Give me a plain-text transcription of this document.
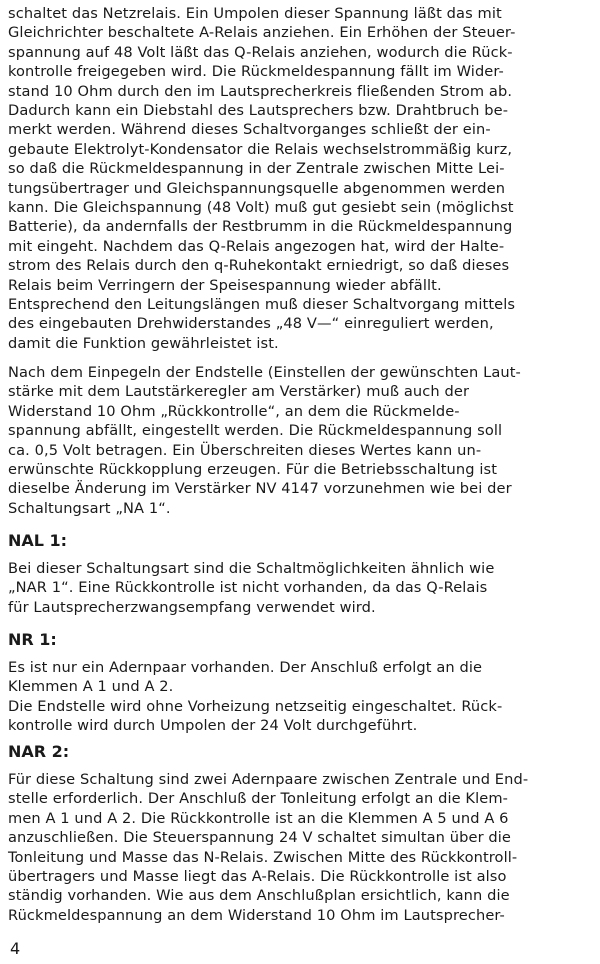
schaltet das Netzrelais. Ein Umpolen dieser Spannung läßt das mit
Gleichrichter beschaltete A-Relais anziehen. Ein Erhöhen der Steuer-
spannung auf 48 Volt läßt das Q-Relais anziehen, wodurch die Rück-
kontrolle freigegeben wird. Die Rückmeldespannung fällt im Wider-
stand 10 Ohm durch den im Lautsprecherkreis fließenden Strom ab.
Dadurch kann ein Diebstahl des Lautsprechers bzw. Drahtbruch be-
merkt werden. Während dieses Schaltvorganges schließt der ein-
gebaute Elektrolyt-Kondensator die Relais wechselstrommäßig kurz,
so daß die Rückmeldespannung in der Zentrale zwischen Mitte Lei-
tungsübertrager und Gleichspannungsquelle abgenommen werden
kann. Die Gleichspannung (48 Volt) muß gut gesiebt sein (möglichst
Batterie), da andernfalls der Restbrumm in die Rückmeldespannung
mit eingeht. Nachdem das Q-Relais angezogen hat, wird der Halte-
strom des Relais durch den q-Ruhekontakt erniedrigt, so daß dieses
Relais beim Verringern der Speisespannung wieder abfällt.

Entsprechend den Leitungslängen muß dieser Schaltvorgang mittels
des eingebauten Drehwiderstandes „48 V—“ einreguliert werden,
damit die Funktion gewährleistet ist.

Nach dem Einpegeln der Endstelle (Einstellen der gewünschten Laut-
stärke mit dem Lautstärkeregler am Verstärker) muß auch der
Widerstand 10 Ohm „Rückkontrolle“, an dem die Rückmelde-
spannung abfällt, eingestellt werden. Die Rückmeldespannung soll
ca. 0,5 Volt betragen. Ein Überschreiten dieses Wertes kann un-
erwünschte Rückkopplung erzeugen. Für die Betriebsschaltung ist
dieselbe Änderung im Verstärker NV 4147 vorzunehmen wie bei der
Schaltungsart „NA 1“.

NAL 1:

Bei dieser Schaltungsart sind die Schaltmöglichkeiten ähnlich wie
„NAR 1“. Eine Rückkontrolle ist nicht vorhanden, da das Q-Relais
für Lautsprecherzwangsempfang verwendet wird.

NR 1:

Es ist nur ein Adernpaar vorhanden. Der Anschluß erfolgt an die
Klemmen A 1 und A 2.

Die Endstelle wird ohne Vorheizung netzseitig eingeschaltet. Rück-
kontrolle wird durch Umpolen der 24 Volt durchgeführt.

NAR 2:

Für diese Schaltung sind zwei Adernpaare zwischen Zentrale und End-
stelle erforderlich. Der Anschluß der Tonleitung erfolgt an die Klem-
men A 1 und A 2. Die Rückkontrolle ist an die Klemmen A 5 und A 6
anzuschließen. Die Steuerspannung 24 V schaltet simultan über die
Tonleitung und Masse das N-Relais. Zwischen Mitte des Rückkontroll-
übertragers und Masse liegt das A-Relais. Die Rückkontrolle ist also
ständig vorhanden. Wie aus dem Anschlußplan ersichtlich, kann die
Rückmeldespannung an dem Widerstand 10 Ohm im Lautsprecher-

4
